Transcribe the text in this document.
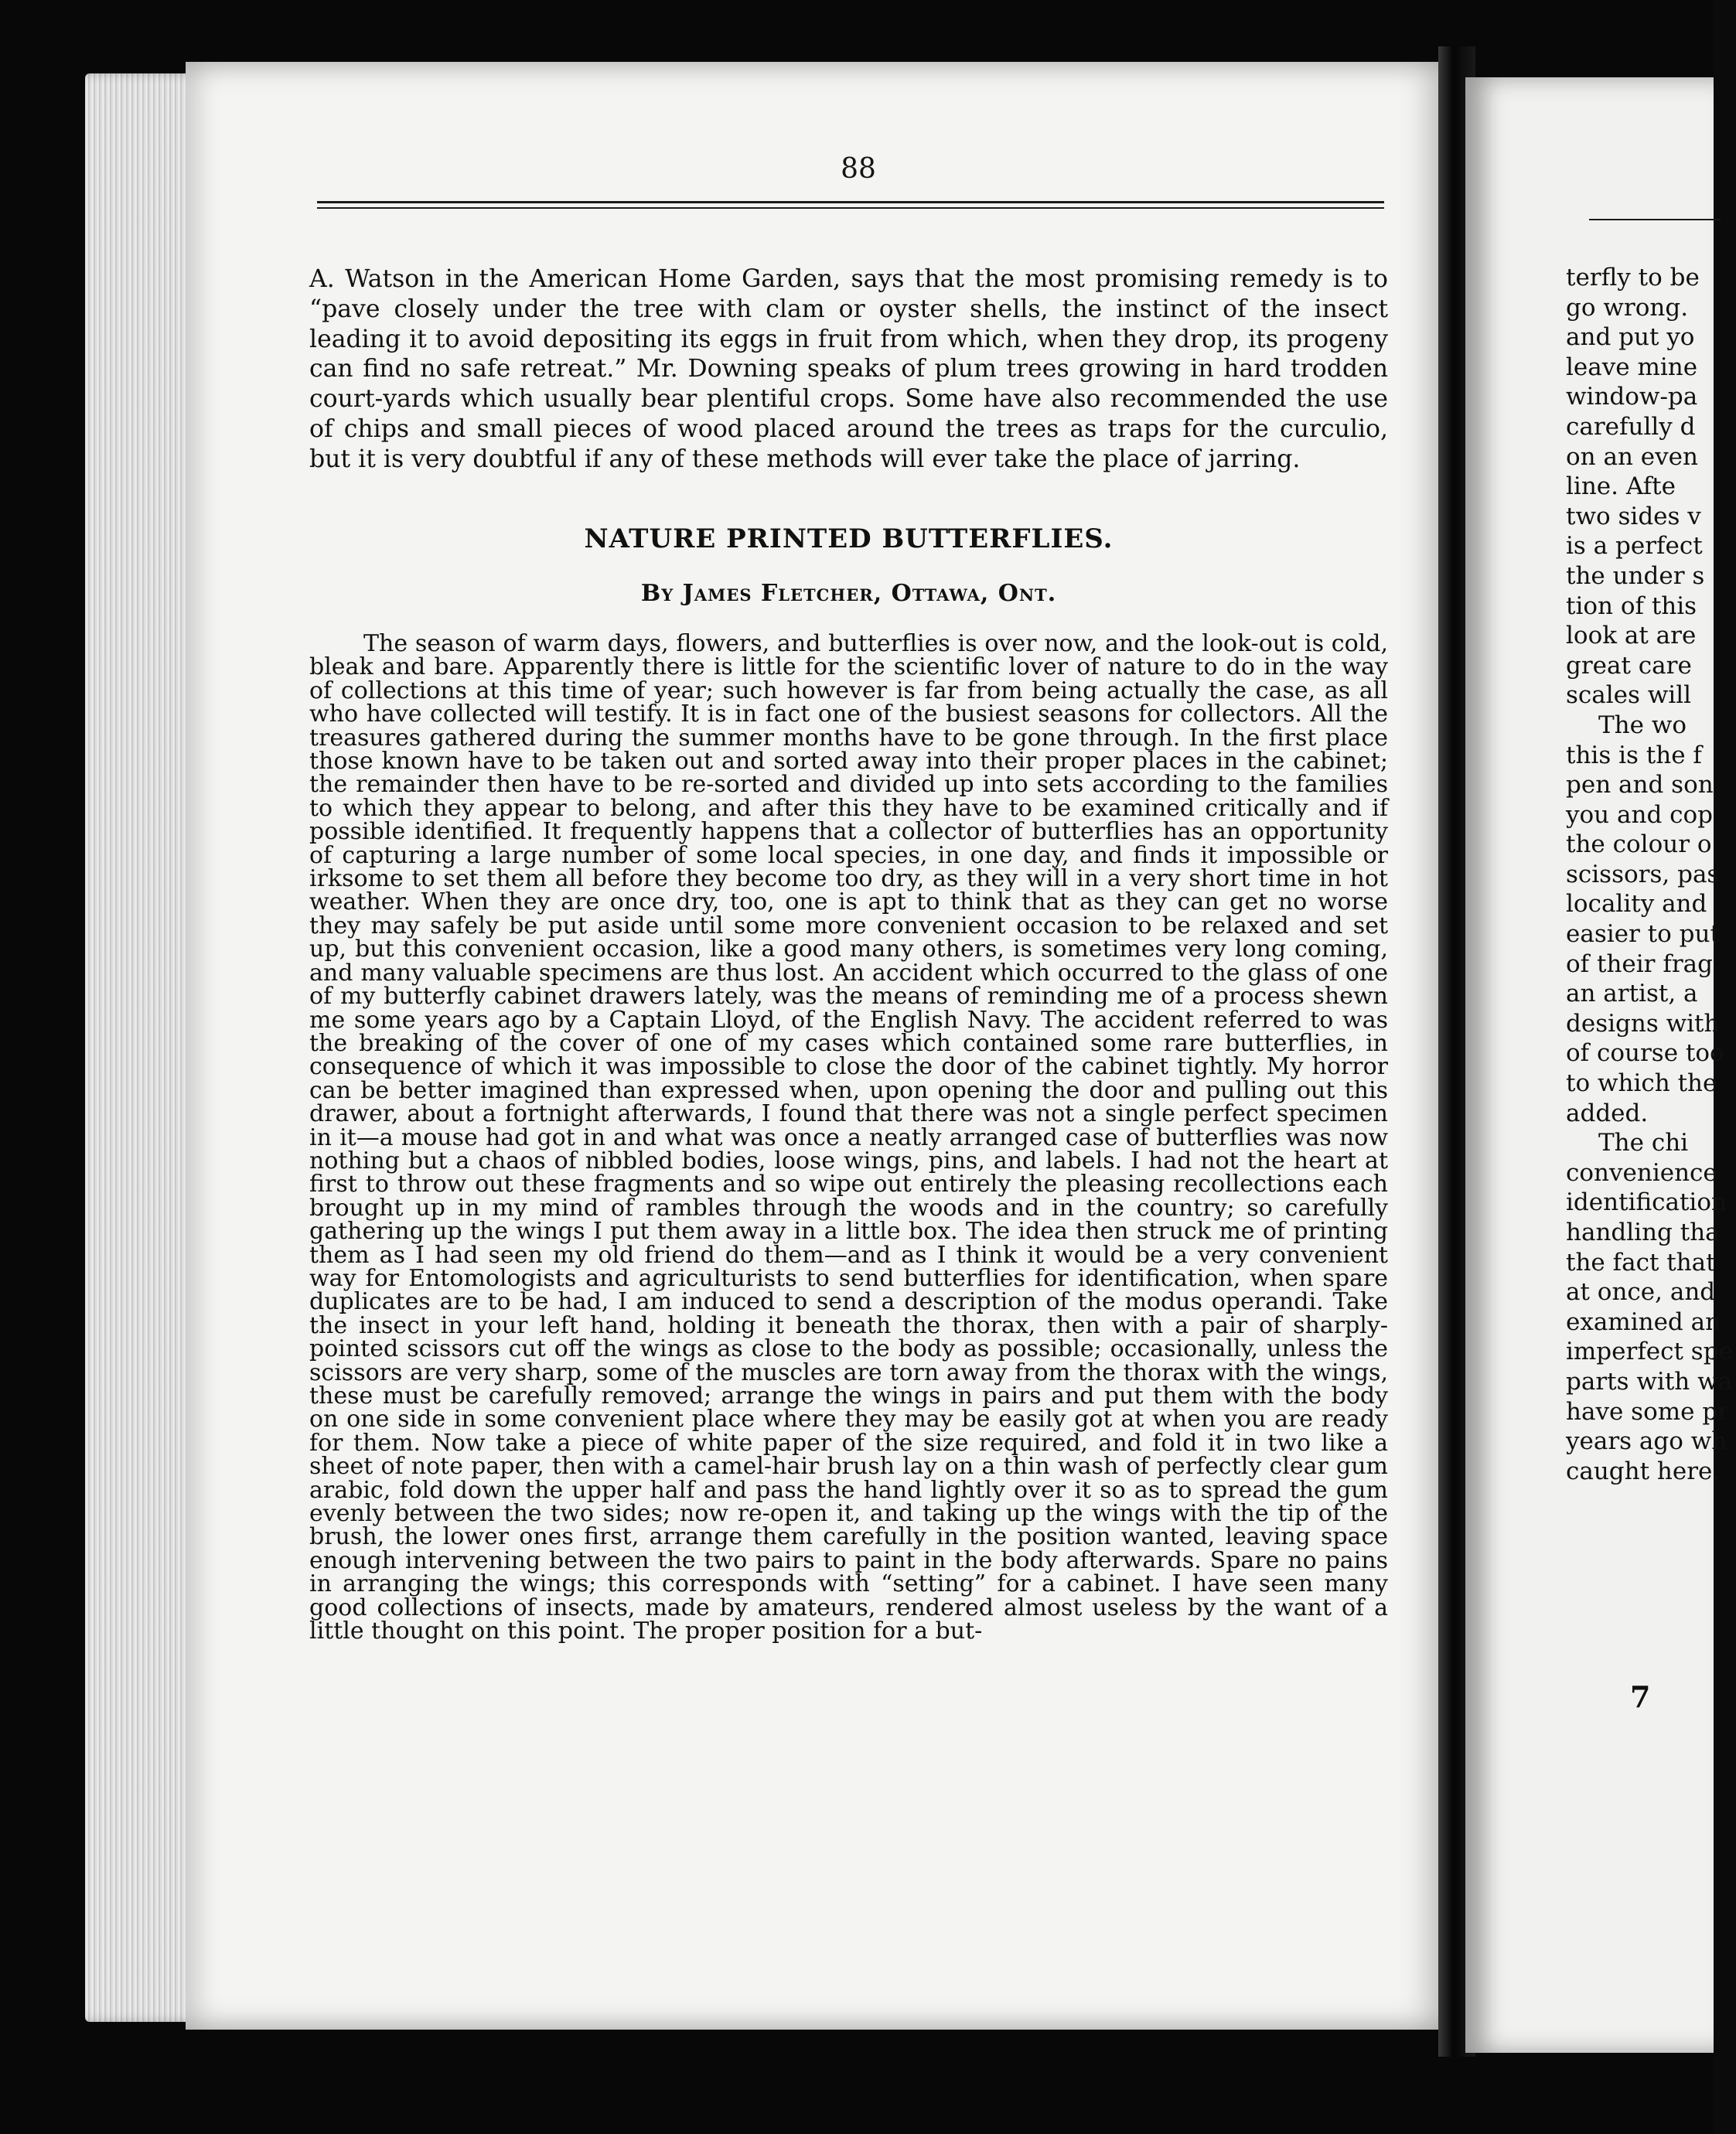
88
A. Watson in the American Home Garden, says that the most promising remedy is to “pave closely under the tree with clam or oyster shells, the instinct of the insect leading it to avoid depositing its eggs in fruit from which, when they drop, its progeny can find no safe retreat.” Mr. Downing speaks of plum trees growing in hard trodden court-yards which usually bear plentiful crops. Some have also recommended the use of chips and small pieces of wood placed around the trees as traps for the curculio, but it is very doubtful if any of these methods will ever take the place of jarring.
NATURE PRINTED BUTTERFLIES.
By James Fletcher, Ottawa, Ont.
The season of warm days, flowers, and butterflies is over now, and the look-out is cold, bleak and bare. Apparently there is little for the scientific lover of nature to do in the way of collections at this time of year; such however is far from being actually the case, as all who have collected will testify. It is in fact one of the busiest seasons for collectors. All the treasures gathered during the summer months have to be gone through. In the first place those known have to be taken out and sorted away into their proper places in the cabinet; the remainder then have to be re-sorted and divided up into sets according to the families to which they appear to belong, and after this they have to be examined critically and if possible identified. It frequently happens that a collector of butterflies has an opportunity of capturing a large number of some local species, in one day, and finds it impossible or irksome to set them all before they become too dry, as they will in a very short time in hot weather. When they are once dry, too, one is apt to think that as they can get no worse they may safely be put aside until some more convenient occasion to be relaxed and set up, but this convenient occasion, like a good many others, is sometimes very long coming, and many valuable specimens are thus lost. An accident which occurred to the glass of one of my butterfly cabinet drawers lately, was the means of reminding me of a process shewn me some years ago by a Captain Lloyd, of the English Navy. The accident referred to was the breaking of the cover of one of my cases which contained some rare butterflies, in consequence of which it was impossible to close the door of the cabinet tightly. My horror can be better imagined than expressed when, upon opening the door and pulling out this drawer, about a fortnight afterwards, I found that there was not a single perfect specimen in it—a mouse had got in and what was once a neatly arranged case of butterflies was now nothing but a chaos of nibbled bodies, loose wings, pins, and labels. I had not the heart at first to throw out these fragments and so wipe out entirely the pleasing recollections each brought up in my mind of rambles through the woods and in the country; so carefully gathering up the wings I put them away in a little box. The idea then struck me of printing them as I had seen my old friend do them—and as I think it would be a very convenient way for Entomologists and agriculturists to send butterflies for identification, when spare duplicates are to be had, I am induced to send a description of the modus operandi. Take the insect in your left hand, holding it beneath the thorax, then with a pair of sharply-pointed scissors cut off the wings as close to the body as possible; occasionally, unless the scissors are very sharp, some of the muscles are torn away from the thorax with the wings, these must be carefully removed; arrange the wings in pairs and put them with the body on one side in some convenient place where they may be easily got at when you are ready for them. Now take a piece of white paper of the size required, and fold it in two like a sheet of note paper, then with a camel-hair brush lay on a thin wash of perfectly clear gum arabic, fold down the upper half and pass the hand lightly over it so as to spread the gum evenly between the two sides; now re-open it, and taking up the wings with the tip of the brush, the lower ones first, arrange them carefully in the position wanted, leaving space enough intervening between the two pairs to paint in the body afterwards. Spare no pains in arranging the wings; this corresponds with “setting” for a cabinet. I have seen many good collections of insects, made by amateurs, rendered almost useless by the want of a little thought on this point. The proper position for a but-
terfly to be
go wrong.
and put yo
leave mine
window-pa
carefully d
on an even
line. Afte
two sides v
is a perfect
the under s
tion of this
look at are
great care
scales will
The wo
this is the f
pen and son
you and cop
the colour o
scissors, pas
locality and
easier to put
of their frag
an artist, a
designs with
of course too
to which the
added.
The chi
convenience
identification
handling tha
the fact that
at once, and
examined an
imperfect spe
parts with wa
have some pr
years ago wh
caught here.
7
